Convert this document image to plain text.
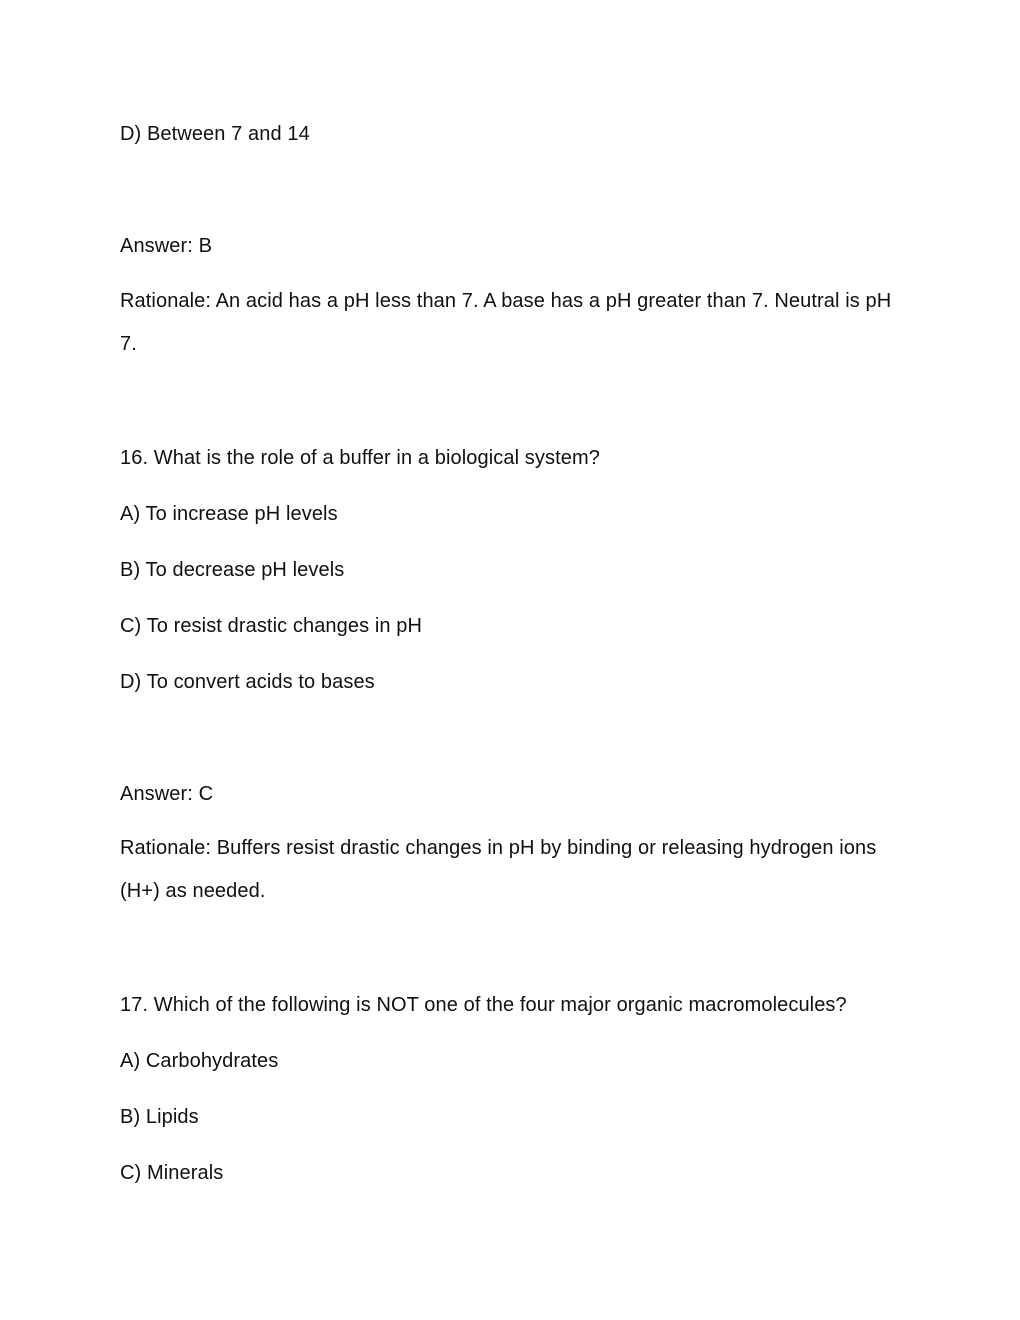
D) Between 7 and 14
Answer: B
Rationale: An acid has a pH less than 7. A base has a pH greater than 7. Neutral is pH 7.
16. What is the role of a buffer in a biological system?
A) To increase pH levels
B) To decrease pH levels
C) To resist drastic changes in pH
D) To convert acids to bases
Answer: C
Rationale: Buffers resist drastic changes in pH by binding or releasing hydrogen ions (H+) as needed.
17. Which of the following is NOT one of the four major organic macromolecules?
A) Carbohydrates
B) Lipids
C) Minerals
